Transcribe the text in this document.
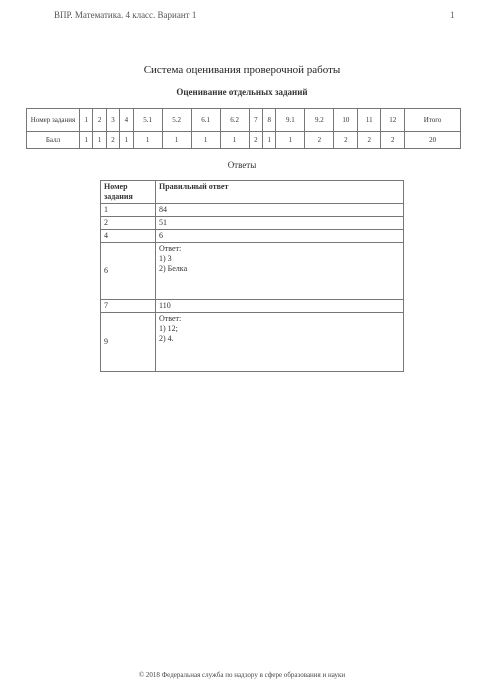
ВПР. Математика. 4 класс. Вариант 1	1
Система оценивания проверочной работы
Оценивание отдельных заданий
Номер задания	1	2	3	4	5.1	5.2	6.1	6.2	7	8	9.1	9.2	10	11	12	Итого
Балл	1	1	2	1	1	1	1	1	2	1	1	2	2	2	2	20
Ответы
Номер задания	Правильный ответ
1	84

2	51

4	6

6	Ответ:
1) 3
2) Белка

7	110

9	Ответ:
1) 12;
2) 4.
© 2018 Федеральная служба по надзору в сфере образования и науки
